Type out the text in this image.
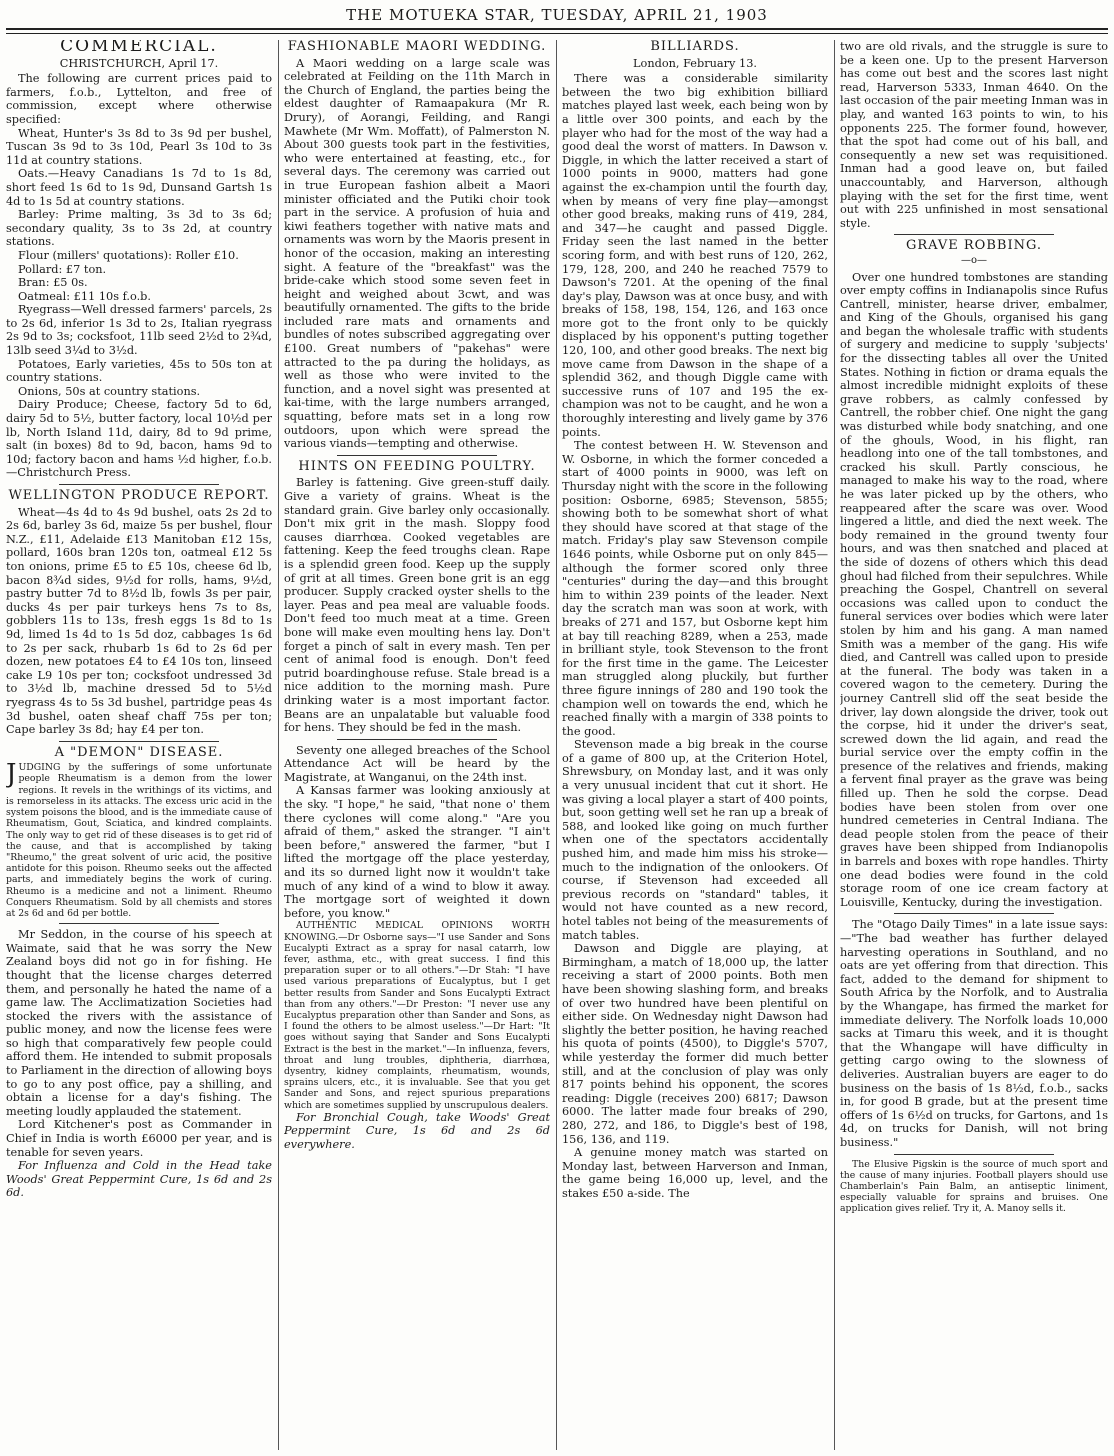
THE MOTUEKA STAR, TUESDAY, APRIL 21, 1903
COMMERCIAL.
CHRISTCHURCH, April 17.

The following are current prices paid to farmers, f.o.b., Lyttelton, and free of commission, except where otherwise specified:

Wheat, Hunter's 3s 8d to 3s 9d per bushel, Tuscan 3s 9d to 3s 10d, Pearl 3s 10d to 3s 11d at country stations.

Oats.—Heavy Canadians 1s 7d to 1s 8d, short feed 1s 6d to 1s 9d, Dunsand Gartsh 1s 4d to 1s 5d at country stations.

Barley: Prime malting, 3s 3d to 3s 6d; secondary quality, 3s to 3s 2d, at country stations.

Flour (millers' quotations): Roller £10.

Pollard: £7 ton.

Bran: £5 0s.

Oatmeal: £11 10s f.o.b.

Ryegrass—Well dressed farmers' parcels, 2s to 2s 6d, inferior 1s 3d to 2s, Italian ryegrass 2s 9d to 3s; cocksfoot, 11lb seed 2½d to 2¾d, 13lb seed 3¼d to 3½d.

Potatoes, Early varieties, 45s to 50s ton at country stations.

Onions, 50s at country stations.

Dairy Produce; Cheese, factory 5d to 6d, dairy 5d to 5½, butter factory, local 10½d per lb, North Island 11d, dairy, 8d to 9d prime, salt (in boxes) 8d to 9d, bacon, hams 9d to 10d; factory bacon and hams ½d higher, f.o.b.—Christchurch Press.

WELLINGTON PRODUCE REPORT.

Wheat—4s 4d to 4s 9d bushel, oats 2s 2d to 2s 6d, barley 3s 6d, maize 5s per bushel, flour N.Z., £11, Adelaide £13 Manitoban £12 15s, pollard, 160s bran 120s ton, oatmeal £12 5s ton onions, prime £5 to £5 10s, cheese 6d lb, bacon 8¾d sides, 9½d for rolls, hams, 9½d, pastry butter 7d to 8½d lb, fowls 3s per pair, ducks 4s per pair turkeys hens 7s to 8s, gobblers 11s to 13s, fresh eggs 1s 8d to 1s 9d, limed 1s 4d to 1s 5d doz, cabbages 1s 6d to 2s per sack, rhubarb 1s 6d to 2s 6d per dozen, new potatoes £4 to £4 10s ton, linseed cake L9 10s per ton; cocksfoot undressed 3d to 3½d lb, machine dressed 5d to 5½d ryegrass 4s to 5s 3d bushel, partridge peas 4s 3d bushel, oaten sheaf chaff 75s per ton; Cape barley 3s 8d; hay £4 per ton.

A "DEMON" DISEASE.
J UDGING by the sufferings of some unfortunate people Rheumatism is a demon from the lower regions. It revels in the writhings of its victims, and is remorseless in its attacks. The excess uric acid in the system poisons the blood, and is the immediate cause of Rheumatism, Gout, Sciatica, and kindred complaints. The only way to get rid of these diseases is to get rid of the cause, and that is accomplished by taking "Rheumo," the great solvent of uric acid, the positive antidote for this poison. Rheumo seeks out the affected parts, and immediately begins the work of curing. Rheumo is a medicine and not a liniment. Rheumo Conquers Rheumatism. Sold by all chemists and stores at 2s 6d and 6d per bottle.

Mr Seddon, in the course of his speech at Waimate, said that he was sorry the New Zealand boys did not go in for fishing. He thought that the license charges deterred them, and personally he hated the name of a game law. The Acclimatization Societies had stocked the rivers with the assistance of public money, and now the license fees were so high that comparatively few people could afford them. He intended to submit proposals to Parliament in the direction of allowing boys to go to any post office, pay a shilling, and obtain a license for a day's fishing. The meeting loudly applauded the statement.

Lord Kitchener's post as Commander in Chief in India is worth £6000 per year, and is tenable for seven years.

For Influenza and Cold in the Head take Woods' Great Peppermint Cure, 1s 6d and 2s 6d.

FASHIONABLE MAORI WEDDING.

A Maori wedding on a large scale was celebrated at Feilding on the 11th March in the Church of England, the parties being the eldest daughter of Ramaapakura (Mr R. Drury), of Aorangi, Feilding, and Rangi Mawhete (Mr Wm. Moffatt), of Palmerston N. About 300 guests took part in the festivities, who were entertained at feasting, etc., for several days. The ceremony was carried out in true European fashion albeit a Maori minister officiated and the Putiki choir took part in the service. A profusion of huia and kiwi feathers together with native mats and ornaments was worn by the Maoris present in honor of the occasion, making an interesting sight. A feature of the "breakfast" was the bride-cake which stood some seven feet in height and weighed about 3cwt, and was beautifully ornamented. The gifts to the bride included rare mats and ornaments and bundles of notes subscribed aggregating over £100. Great numbers of "pakehas" were attracted to the pa during the holidays, as well as those who were invited to the function, and a novel sight was presented at kai-time, with the large numbers arranged, squatting, before mats set in a long row outdoors, upon which were spread the various viands—tempting and otherwise.

HINTS ON FEEDING POULTRY.

Barley is fattening. Give green-stuff daily. Give a variety of grains. Wheat is the standard grain. Give barley only occasionally. Don't mix grit in the mash. Sloppy food causes diarrhœa. Cooked vegetables are fattening. Keep the feed troughs clean. Rape is a splendid green food. Keep up the supply of grit at all times. Green bone grit is an egg producer. Supply cracked oyster shells to the layer. Peas and pea meal are valuable foods. Don't feed too much meat at a time. Green bone will make even moulting hens lay. Don't forget a pinch of salt in every mash. Ten per cent of animal food is enough. Don't feed putrid boardinghouse refuse. Stale bread is a nice addition to the morning mash. Pure drinking water is a most important factor. Beans are an unpalatable but valuable food for hens. They should be fed in the mash.

Seventy one alleged breaches of the School Attendance Act will be heard by the Magistrate, at Wanganui, on the 24th inst.

A Kansas farmer was looking anxiously at the sky. "I hope," he said, "that none o' them there cyclones will come along." "Are you afraid of them," asked the stranger. "I ain't been before," answered the farmer, "but I lifted the mortgage off the place yesterday, and its so durned light now it wouldn't take much of any kind of a wind to blow it away. The mortgage sort of weighted it down before, you know."

AUTHENTIC MEDICAL OPINIONS WORTH KNOWING.—Dr Osborne says—"I use Sander and Sons Eucalypti Extract as a spray for nasal catarrh, low fever, asthma, etc., with great success. I find this preparation super or to all others."—Dr Stah: "I have used various preparations of Eucalyptus, but I get better results from Sander and Sons Eucalypti Extract than from any others."—Dr Preston: "I never use any Eucalyptus preparation other than Sander and Sons, as I found the others to be almost useless."—Dr Hart: "It goes without saying that Sander and Sons Eucalypti Extract is the best in the market."—In influenza, fevers, throat and lung troubles, diphtheria, diarrhœa, dysentry, kidney complaints, rheumatism, wounds, sprains ulcers, etc., it is invaluable. See that you get Sander and Sons, and reject spurious preparations which are sometimes supplied by unscrupulous dealers.

For Bronchial Cough, take Woods' Great Peppermint Cure, 1s 6d and 2s 6d everywhere.

BILLIARDS.
London, February 13.

There was a considerable similarity between the two big exhibition billiard matches played last week, each being won by a little over 300 points, and each by the player who had for the most of the way had a good deal the worst of matters. In Dawson v. Diggle, in which the latter received a start of 1000 points in 9000, matters had gone against the ex-champion until the fourth day, when by means of very fine play—amongst other good breaks, making runs of 419, 284, and 347—he caught and passed Diggle. Friday seen the last named in the better scoring form, and with best runs of 120, 262, 179, 128, 200, and 240 he reached 7579 to Dawson's 7201. At the opening of the final day's play, Dawson was at once busy, and with breaks of 158, 198, 154, 126, and 163 once more got to the front only to be quickly displaced by his opponent's putting together 120, 100, and other good breaks. The next big move came from Dawson in the shape of a splendid 362, and though Diggle came with successive runs of 107 and 195 the ex-champion was not to be caught, and he won a thoroughly interesting and lively game by 376 points.

The contest between H. W. Stevenson and W. Osborne, in which the former conceded a start of 4000 points in 9000, was left on Thursday night with the score in the following position: Osborne, 6985; Stevenson, 5855; showing both to be somewhat short of what they should have scored at that stage of the match. Friday's play saw Stevenson compile 1646 points, while Osborne put on only 845—although the former scored only three "centuries" during the day—and this brought him to within 239 points of the leader. Next day the scratch man was soon at work, with breaks of 271 and 157, but Osborne kept him at bay till reaching 8289, when a 253, made in brilliant style, took Stevenson to the front for the first time in the game. The Leicester man struggled along pluckily, but further three figure innings of 280 and 190 took the champion well on towards the end, which he reached finally with a margin of 338 points to the good.

Stevenson made a big break in the course of a game of 800 up, at the Criterion Hotel, Shrewsbury, on Monday last, and it was only a very unusual incident that cut it short. He was giving a local player a start of 400 points, but, soon getting well set he ran up a break of 588, and looked like going on much further when one of the spectators accidentally pushed him, and made him miss his stroke—much to the indignation of the onlookers. Of course, if Stevenson had exceeded all previous records on "standard" tables, it would not have counted as a new record, hotel tables not being of the measurements of match tables.

Dawson and Diggle are playing, at Birmingham, a match of 18,000 up, the latter receiving a start of 2000 points. Both men have been showing slashing form, and breaks of over two hundred have been plentiful on either side. On Wednesday night Dawson had slightly the better position, he having reached his quota of points (4500), to Diggle's 5707, while yesterday the former did much better still, and at the conclusion of play was only 817 points behind his opponent, the scores reading: Diggle (receives 200) 6817; Dawson 6000. The latter made four breaks of 290, 280, 272, and 186, to Diggle's best of 198, 156, 136, and 119.

A genuine money match was started on Monday last, between Harverson and Inman, the game being 16,000 up, level, and the stakes £50 a-side. The

two are old rivals, and the struggle is sure to be a keen one. Up to the present Harverson has come out best and the scores last night read, Harverson 5333, Inman 4640. On the last occasion of the pair meeting Inman was in play, and wanted 163 points to win, to his opponents 225. The former found, however, that the spot had come out of his ball, and consequently a new set was requisitioned. Inman had a good leave on, but failed unaccountably, and Harverson, although playing with the set for the first time, went out with 225 unfinished in most sensational style.

GRAVE ROBBING.
—o—

Over one hundred tombstones are standing over empty coffins in Indianapolis since Rufus Cantrell, minister, hearse driver, embalmer, and King of the Ghouls, organised his gang and began the wholesale traffic with students of surgery and medicine to supply 'subjects' for the dissecting tables all over the United States. Nothing in fiction or drama equals the almost incredible midnight exploits of these grave robbers, as calmly confessed by Cantrell, the robber chief. One night the gang was disturbed while body snatching, and one of the ghouls, Wood, in his flight, ran headlong into one of the tall tombstones, and cracked his skull. Partly conscious, he managed to make his way to the road, where he was later picked up by the others, who reappeared after the scare was over. Wood lingered a little, and died the next week. The body remained in the ground twenty four hours, and was then snatched and placed at the side of dozens of others which this dead ghoul had filched from their sepulchres. While preaching the Gospel, Chantrell on several occasions was called upon to conduct the funeral services over bodies which were later stolen by him and his gang. A man named Smith was a member of the gang. His wife died, and Cantrell was called upon to preside at the funeral. The body was taken in a covered wagon to the cemetery. During the journey Cantrell slid off the seat beside the driver, lay down alongside the driver, took out the corpse, hid it under the driver's seat, screwed down the lid again, and read the burial service over the empty coffin in the presence of the relatives and friends, making a fervent final prayer as the grave was being filled up. Then he sold the corpse. Dead bodies have been stolen from over one hundred cemeteries in Central Indiana. The dead people stolen from the peace of their graves have been shipped from Indianopolis in barrels and boxes with rope handles. Thirty one dead bodies were found in the cold storage room of one ice cream factory at Louisville, Kentucky, during the investigation.

The "Otago Daily Times" in a late issue says:—"The bad weather has further delayed harvesting operations in Southland, and no oats are yet offering from that direction. This fact, added to the demand for shipment to South Africa by the Norfolk, and to Australia by the Whangape, has firmed the market for immediate delivery. The Norfolk loads 10,000 sacks at Timaru this week, and it is thought that the Whangape will have difficulty in getting cargo owing to the slowness of deliveries. Australian buyers are eager to do business on the basis of 1s 8½d, f.o.b., sacks in, for good B grade, but at the present time offers of 1s 6½d on trucks, for Gartons, and 1s 4d, on trucks for Danish, will not bring business."

The Elusive Pigskin is the source of much sport and the cause of many injuries. Football players should use Chamberlain's Pain Balm, an antiseptic liniment, especially valuable for sprains and bruises. One application gives relief. Try it, A. Manoy sells it.
